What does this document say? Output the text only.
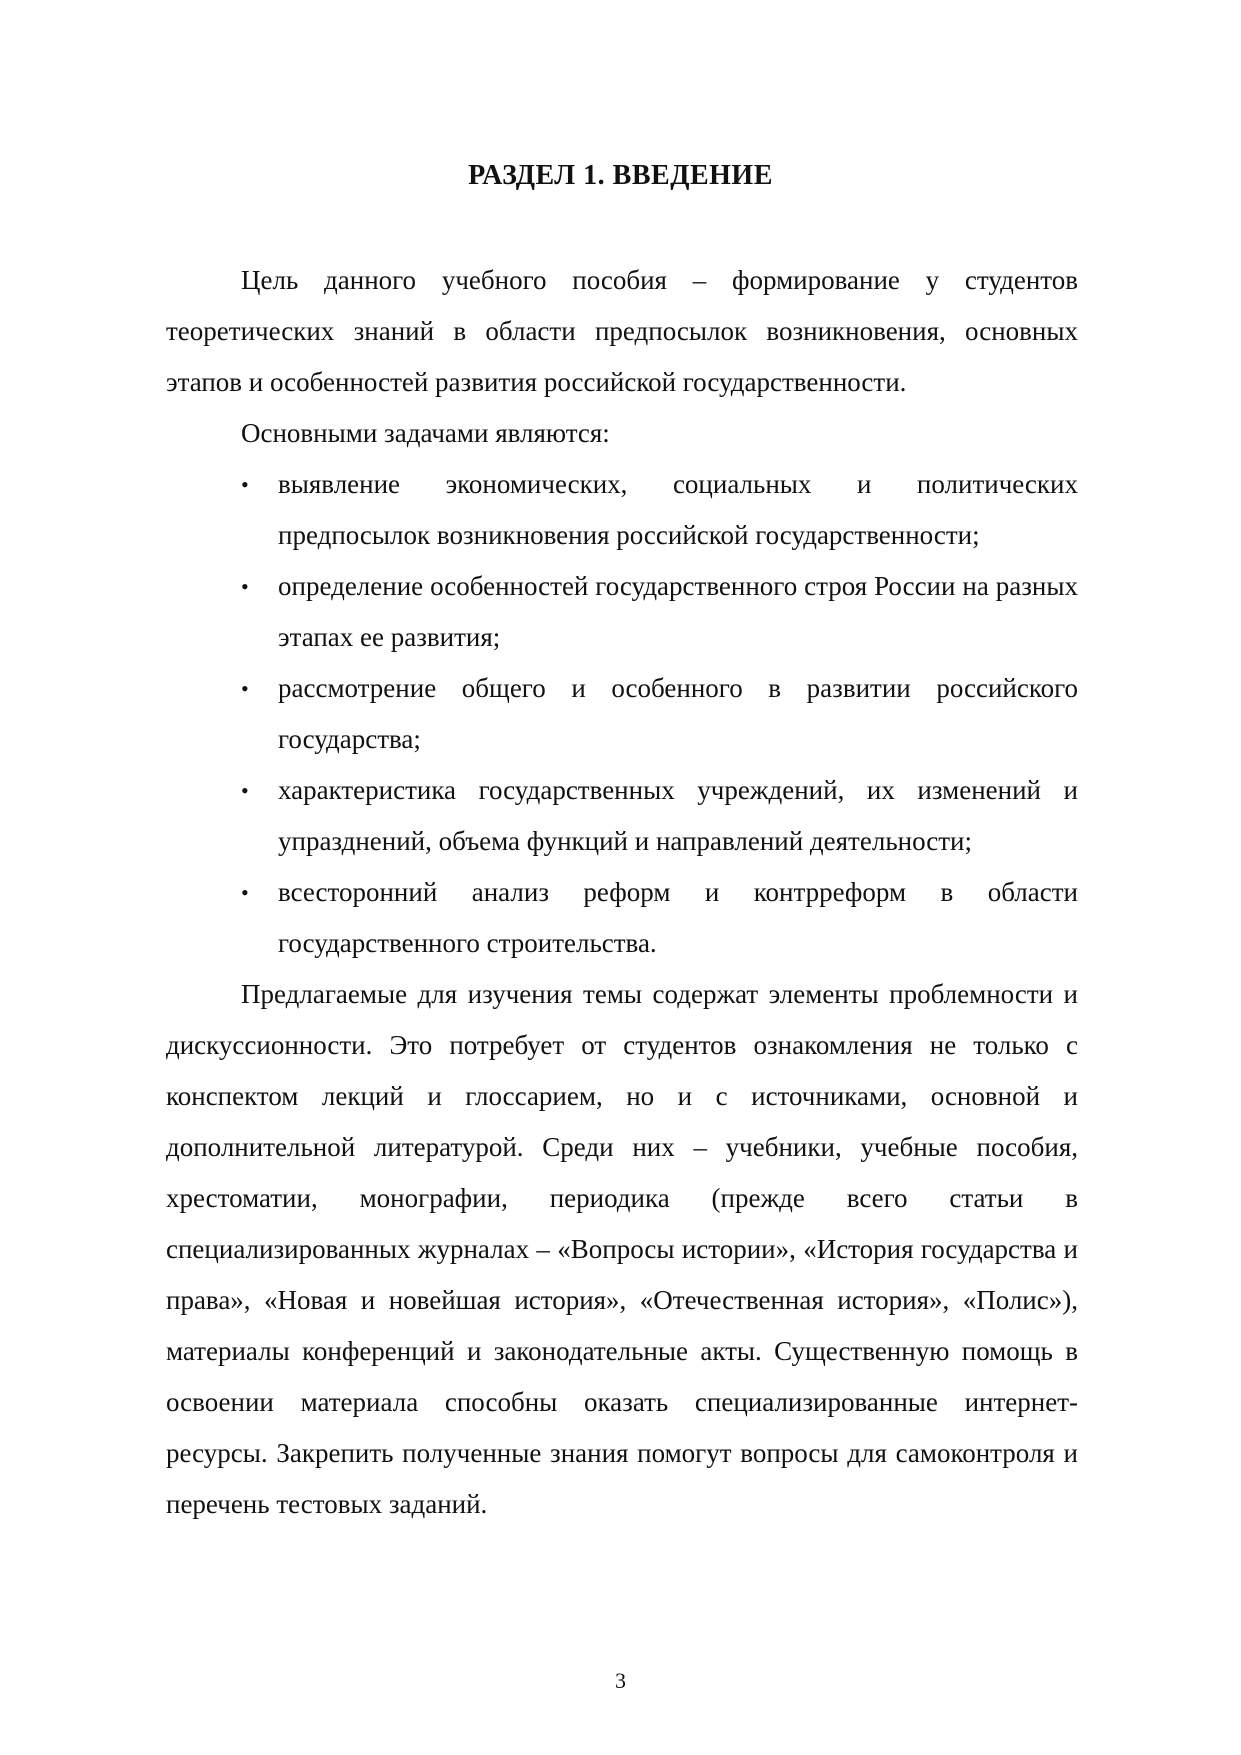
РАЗДЕЛ 1. ВВЕДЕНИЕ

Цель данного учебного пособия – формирование у студентов теоретических знаний в области предпосылок возникновения, основных этапов и особенностей развития российской государственности.

Основными задачами являются:

• выявление экономических, социальных и политических предпосылок возникновения российской государственности;
• определение особенностей государственного строя России на разных этапах ее развития;
• рассмотрение общего и особенного в развитии российского государства;
• характеристика государственных учреждений, их изменений и упразднений, объема функций и направлений деятельности;
• всесторонний анализ реформ и контрреформ в области государственного строительства.

Предлагаемые для изучения темы содержат элементы проблемности и дискуссионности. Это потребует от студентов ознакомления не только с конспектом лекций и глоссарием, но и с источниками, основной и дополнительной литературой. Среди них – учебники, учебные пособия, хрестоматии, монографии, периодика (прежде всего статьи в специализированных журналах – «Вопросы истории», «История государства и права», «Новая и новейшая история», «Отечественная история», «Полис»), материалы конференций и законодательные акты. Существенную помощь в освоении материала способны оказать специализированные интернет-ресурсы. Закрепить полученные знания помогут вопросы для самоконтроля и перечень тестовых заданий.

3
